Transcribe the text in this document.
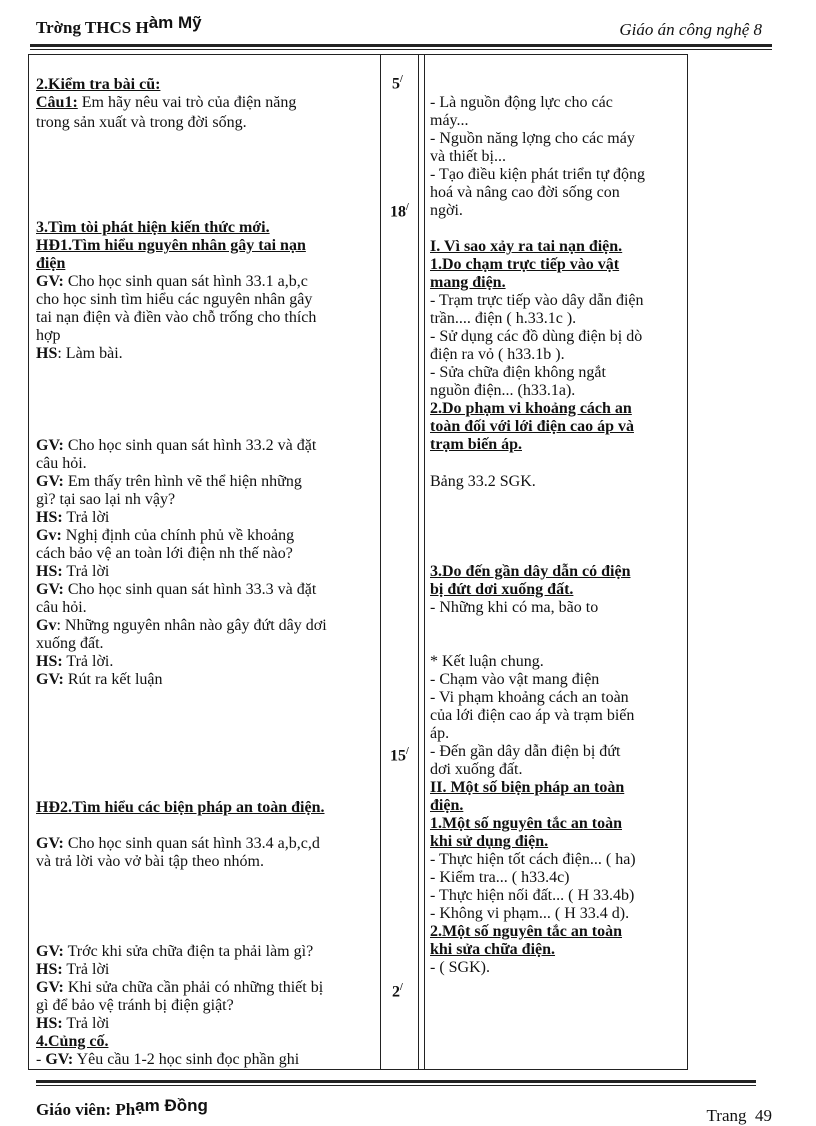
Trờng THCS Hàm Mỹ	Giáo án công nghệ 8
2.Kiểm tra bài cũ:
Câu1: Em hãy nêu vai trò của điện năng
trong sản xuất và trong đời sống.
3.Tìm tòi phát hiện kiến thức mới.
HĐ1.Tìm hiểu nguyên nhân gây tai nạn
điện
GV: Cho học sinh quan sát hình 33.1 a,b,c
cho học sinh tìm hiểu các nguyên nhân gây
tai nạn điện và điền vào chỗ trống cho thích
hợp
HS: Làm bài.
GV: Cho học sinh quan sát hình 33.2 và đặt
câu hỏi.
GV: Em thấy trên hình vẽ thể hiện những
gì? tại sao lại nh vậy?
HS: Trả lời
Gv: Nghị định của chính phủ về khoảng
cách bảo vệ an toàn lới điện nh thế nào?
HS: Trả lời
GV: Cho học sinh quan sát hình 33.3 và đặt
câu hỏi.
Gv: Những nguyên nhân nào gây đứt dây dơi
xuống đất.
HS: Trả lời.
GV: Rút ra kết luận
HĐ2.Tìm hiểu các biện pháp an toàn điện.
GV: Cho học sinh quan sát hình 33.4 a,b,c,d
và trả lời vào vở bài tập theo nhóm.
GV: Trớc khi sửa chữa điện ta phải làm gì?
HS: Trả lời
GV: Khi sửa chữa cần phải có những thiết bị
gì để bảo vệ tránh bị điện giật?
HS: Trả lời
4.Củng cố.
- GV: Yêu cầu 1-2 học sinh đọc phần ghi
5/
18/
15/
2/
- Là nguồn động lực cho các
máy...
- Nguồn năng lợng cho các máy
và thiết bị...
- Tạo điều kiện phát triển tự động
hoá và nâng cao đời sống con
ngời.
I. Vì sao xảy ra tai nạn điện.
1.Do chạm trực tiếp vào vật
mang điện.
- Trạm trực tiếp vào dây dẫn điện
trần.... điện ( h.33.1c ).
- Sử dụng các đồ dùng điện bị dò
điện ra vỏ ( h33.1b ).
- Sửa chữa điện không ngắt
nguồn điện... (h33.1a).
2.Do phạm vi khoảng cách an
toàn đối với lới điện cao áp và
trạm biến áp.
Bảng 33.2 SGK.
3.Do đến gần dây dẫn có điện
bị đứt dơi xuống đất.
- Những khi có ma, bão to
* Kết luận chung.
- Chạm vào vật mang điện
- Vi phạm khoảng cách an toàn
của lới điện cao áp và trạm biến
áp.
- Đến gần dây dẫn điện bị đứt
dơi xuống đất.
II. Một số biện pháp an toàn
điện.
1.Một số nguyên tắc an toàn
khi sử dụng điện.
- Thực hiện tốt cách điện... ( ha)
- Kiểm tra... ( h33.4c)
- Thực hiện nối đất... ( H 33.4b)
- Không vi phạm... ( H 33.4 d).
2.Một số nguyên tắc an toàn
khi sửa chữa điện.
- ( SGK).
Giáo viên: Phạm Đồng
Trang 49
